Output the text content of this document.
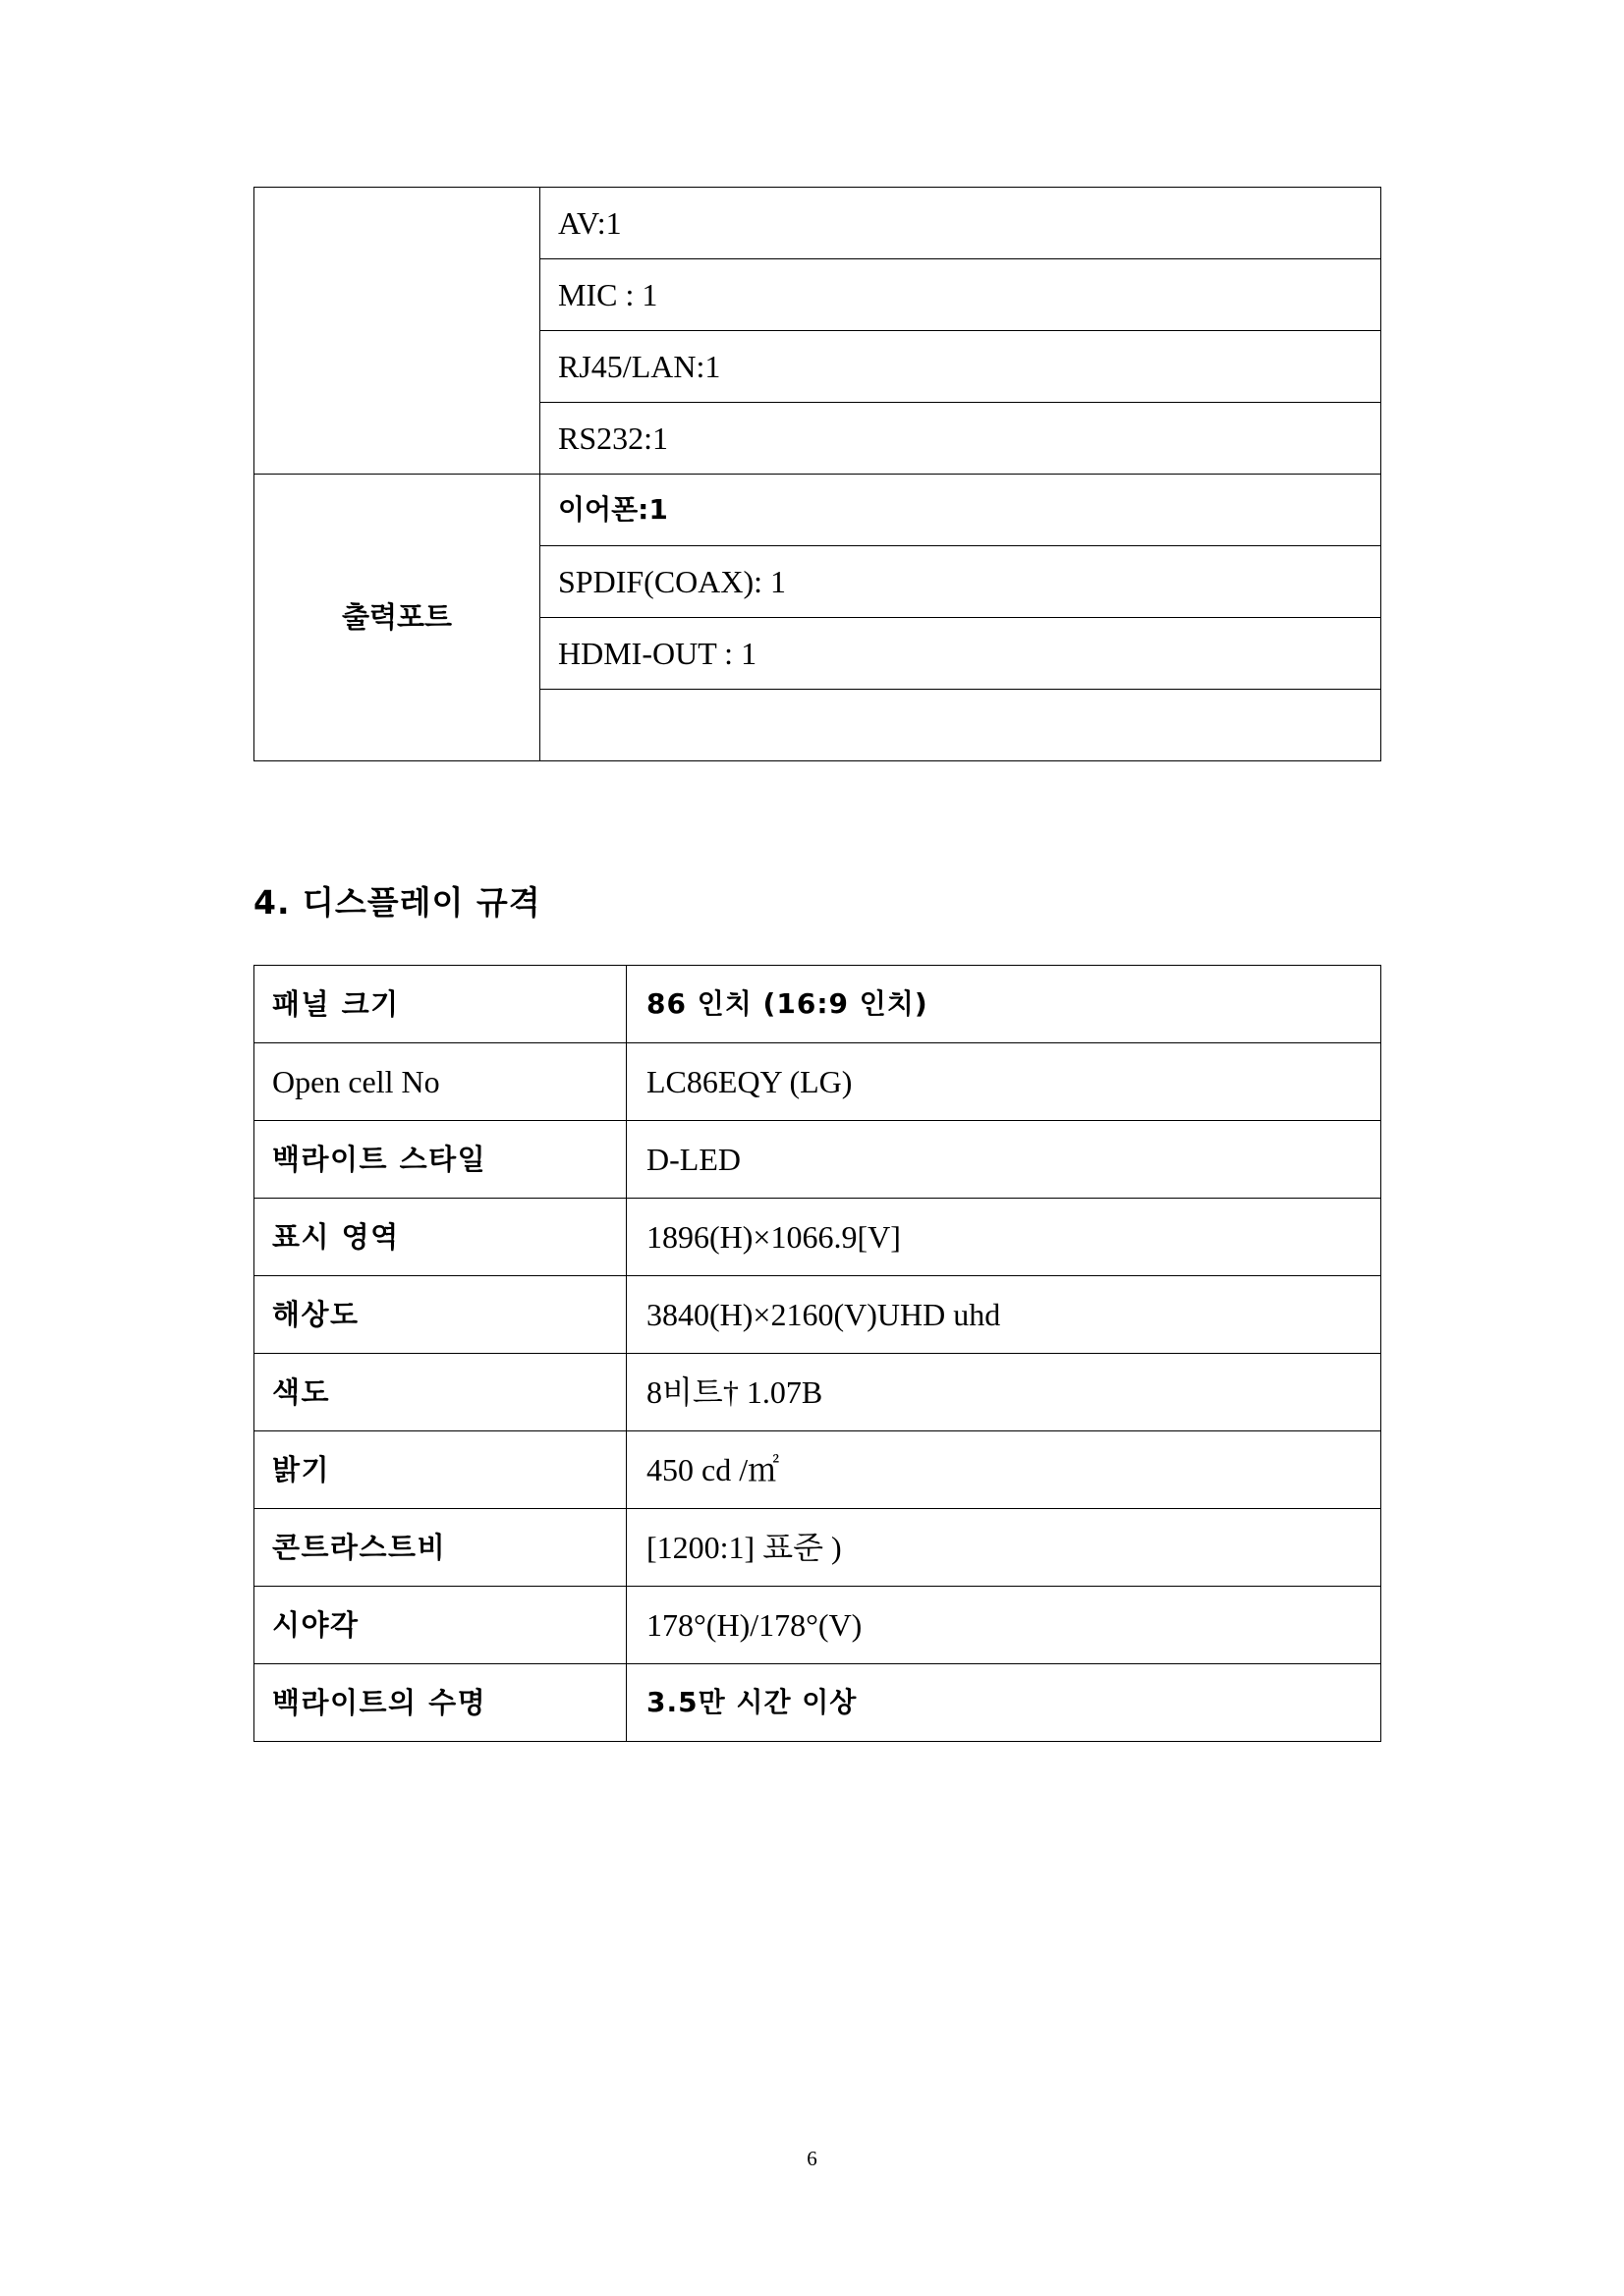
	AV:1
	MIC : 1
	RJ45/LAN:1
	RS232:1
출력포트	이어폰:1
	SPDIF(COAX): 1
	HDMI-OUT : 1

4. 디스플레이 규격
패널 크기	86 인치 (16:9 인치)
Open cell No	LC86EQY (LG)
백라이트 스타일	D-LED
표시 영역	1896(H)×1066.9[V]
해상도	3840(H)×2160(V)UHD uhd
색도	8비트† 1.07B
밝기	450 cd /㎡
콘트라스트비	[1200:1] 표준 )
시야각	178°(H)/178°(V)
백라이트의 수명	3.5만 시간 이상
6
